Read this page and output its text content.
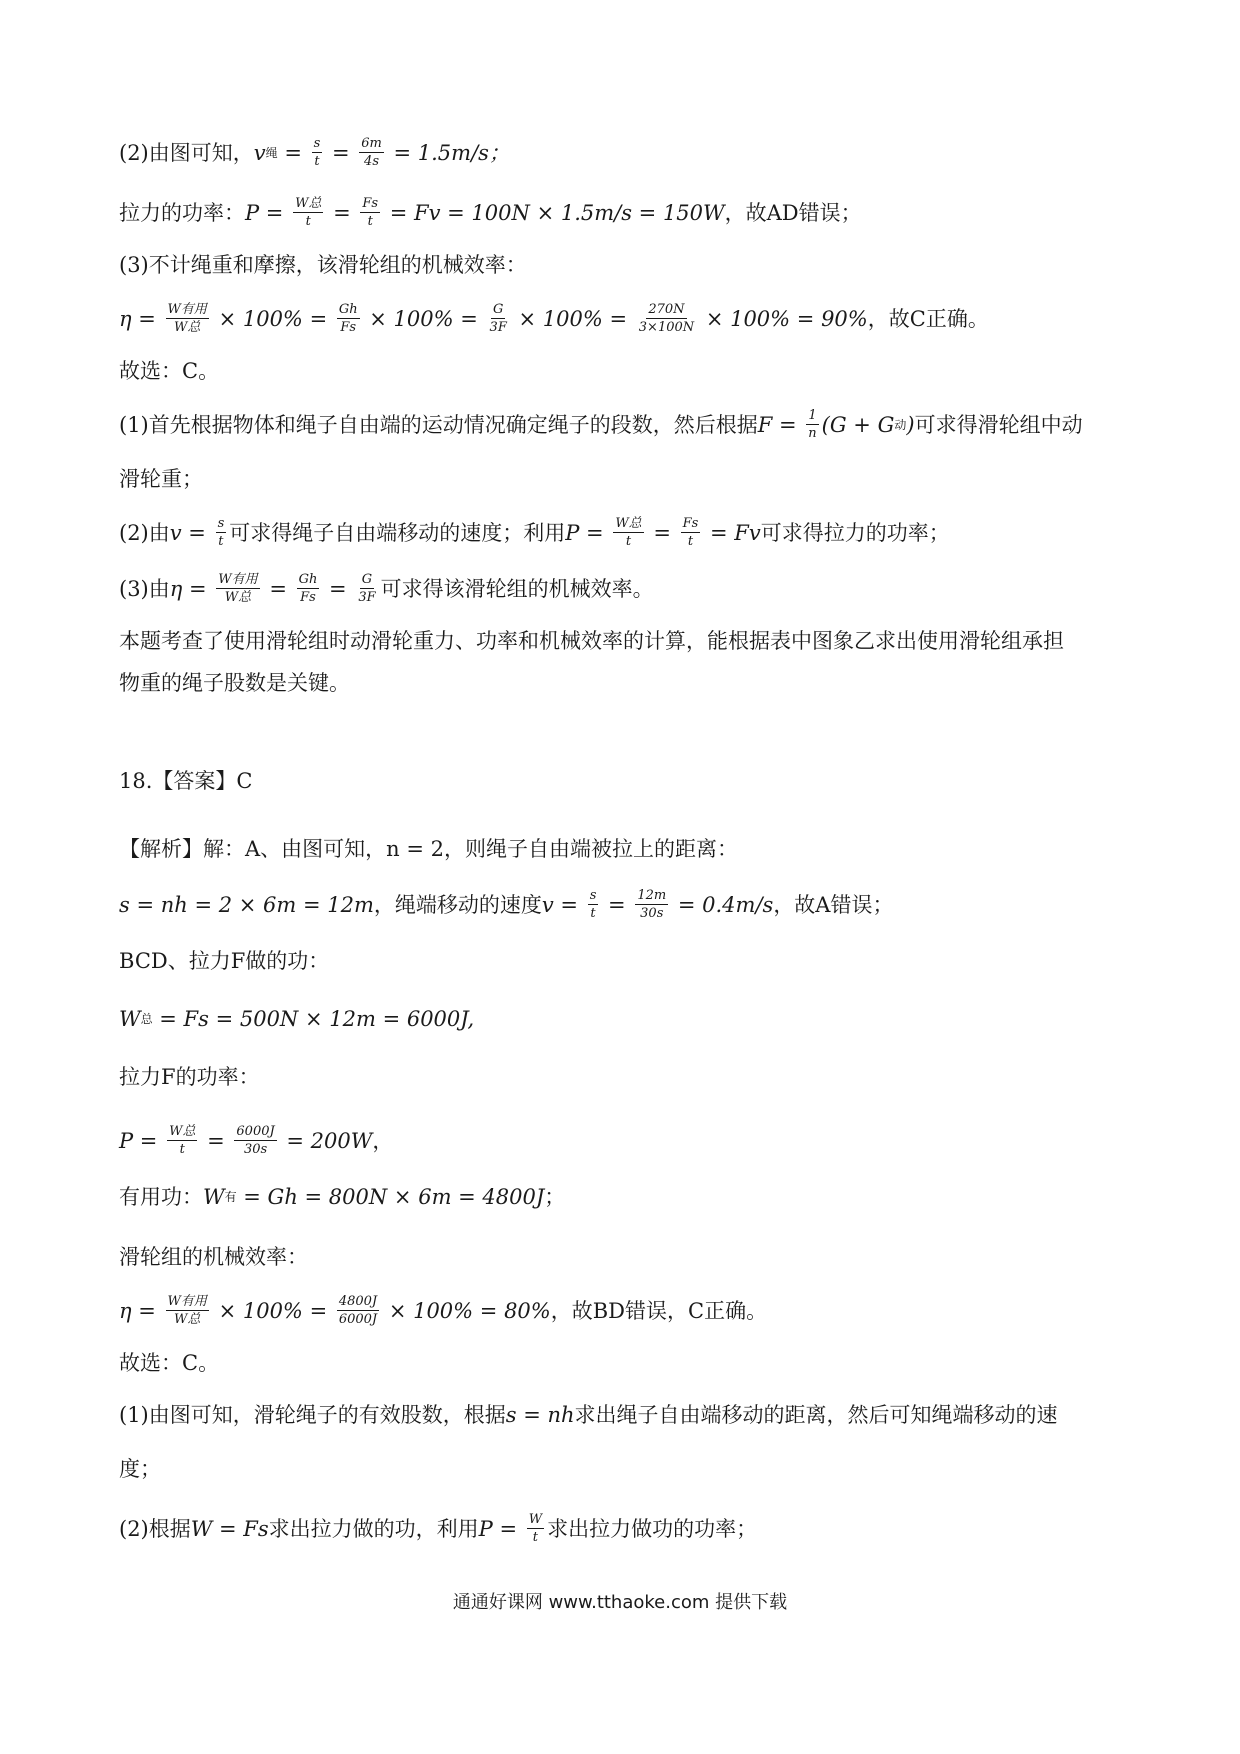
(2)由图可知， v 绳 = $\frac{s}{t} = \frac{6m}{4s} = 1.5m/s$；
拉力的功率： $P = \frac{\text{W总}}{t} = \frac{Fs}{t} = Fv = 100N \times 1.5m/s = 150W$ ，故AD错误；
(3)不计绳重和摩擦，该滑轮组的机械效率：
$\eta = \frac{\text{W有用}}{\text{W总}} \times 100\% = \frac{Gh}{Fs} \times 100\% = \frac{G}{3F} \times 100\% = \frac{270N}{3\times 100N} \times 100\% = 90\%$ ，故C正确。
故选：C。
(1)首先根据物体和绳子自由端的运动情况确定绳子的段数，然后根据 $F = \frac{1}{n} (G + G$ 动 ) 可求得滑轮组中动
滑轮重；
(2)由 $v = \frac{s}{t}$ 可求得绳子自由端移动的速度；利用 $P = \frac{\text{W总}}{t} = \frac{Fs}{t} = Fv$ 可求得拉力的功率；
(3)由 $\eta = \frac{\text{W有用}}{\text{W总}} = \frac{Gh}{Fs} = \frac{G}{3F}$ 可求得该滑轮组的机械效率。
本题考查了使用滑轮组时动滑轮重力、功率和机械效率的计算，能根据表中图象乙求出使用滑轮组承担
物重的绳子股数是关键。
18.【答案】C
【解析】解：A、由图可知，n = 2，则绳子自由端被拉上的距离：
s = nh = 2 × 6m = 12m ，绳端移动的速度 $v = \frac{s}{t} = \frac{12m}{30s} = 0.4m/s$ ，故A错误；
BCD、拉力F做的功：
W 总 = Fs = 500N × 12m = 6000J,
拉力F的功率：
$P = \frac{\text{W总}}{t} = \frac{6000J}{30s} = 200W$ ，
有用功： W 有 = Gh = 800N × 6m = 4800J ；
滑轮组的机械效率：
$\eta = \frac{\text{W有用}}{\text{W总}} \times 100\% = \frac{4800J}{6000J} \times 100\% = 80\%$ ，故BD错误，C正确。
故选：C。
(1)由图可知，滑轮绳子的有效股数，根据 s = nh 求出绳子自由端移动的距离，然后可知绳端移动的速
度；
(2)根据 W = Fs 求出拉力做的功，利用 $P = \frac{W}{t}$ 求出拉力做功的功率；
通通好课网 www.tthaoke.com 提供下载
